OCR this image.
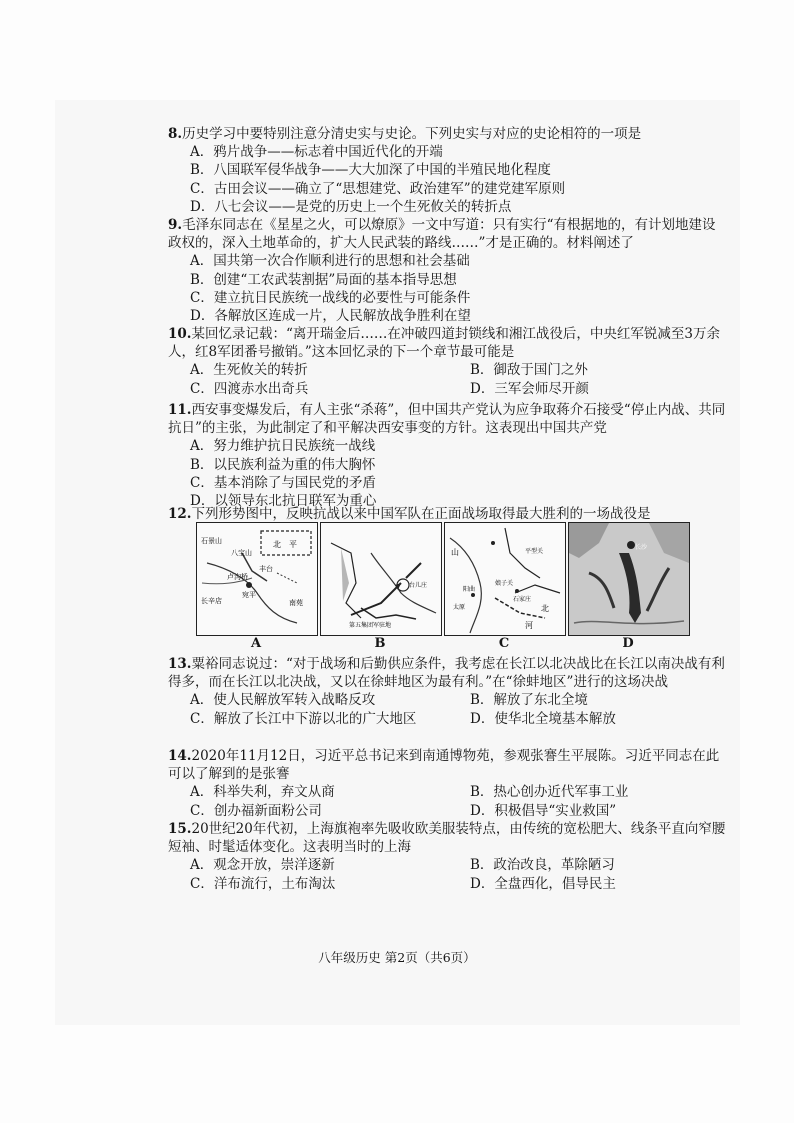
8.历史学习中要特别注意分清史实与史论。下列史实与对应的史论相符的一项是
A．鸦片战争——标志着中国近代化的开端
B．八国联军侵华战争——大大加深了中国的半殖民地化程度
C．古田会议——确立了“思想建党、政治建军”的建党建军原则
D．八七会议——是党的历史上一个生死攸关的转折点
9.毛泽东同志在《星星之火，可以燎原》一文中写道：只有实行“有根据地的，有计划地建设政权的，深入土地革命的，扩大人民武装的路线……”才是正确的。材料阐述了
A．国共第一次合作顺利进行的思想和社会基础
B．创建“工农武装割据”局面的基本指导思想
C．建立抗日民族统一战线的必要性与可能条件
D．各解放区连成一片，人民解放战争胜利在望
10.某回忆录记载：“离开瑞金后……在冲破四道封锁线和湘江战役后，中央红军锐减至3万余人，红8军团番号撤销。”这本回忆录的下一个章节最可能是
A．生死攸关的转折	B．御敌于国门之外
C．四渡赤水出奇兵	D．三军会师尽开颜
11.西安事变爆发后，有人主张“杀蒋”，但中国共产党认为应争取蒋介石接受“停止内战、共同抗日”的主张，为此制定了和平解决西安事变的方针。这表现出中国共产党
A．努力维护抗日民族统一战线
B．以民族利益为重的伟大胸怀
C．基本消除了与国民党的矛盾
D．以领导东北抗日联军为重心
12.下列形势图中，反映抗战以来中国军队在正面战场取得最大胜利的一场战役是
石景山
八宝山
北　平
丰台
卢沟桥
宛平
长辛店	南苑
A
台儿庄
第五集团军驻地
B
山
阳曲
平型关
娘子关
石家庄
太原	北
河
C
长沙
D
13.粟裕同志说过：“对于战场和后勤供应条件，我考虑在长江以北决战比在长江以南决战有利得多，而在长江以北决战，又以在徐蚌地区为最有利。”在“徐蚌地区”进行的这场决战
A．使人民解放军转入战略反攻	B．解放了东北全境
C．解放了长江中下游以北的广大地区	D．使华北全境基本解放
14.2020年11月12日，习近平总书记来到南通博物苑，参观张謇生平展陈。习近平同志在此可以了解到的是张謇
A．科举失利，弃文从商	B．热心创办近代军事工业
C．创办福新面粉公司	D．积极倡导“实业救国”
15.20世纪20年代初，上海旗袍率先吸收欧美服装特点，由传统的宽松肥大、线条平直向窄腰短袖、时髦适体变化。这表明当时的上海
A．观念开放，崇洋逐新	B．政治改良，革除陋习
C．洋布流行，土布淘汰	D．全盘西化，倡导民主
八年级历史 第2页（共6页）
